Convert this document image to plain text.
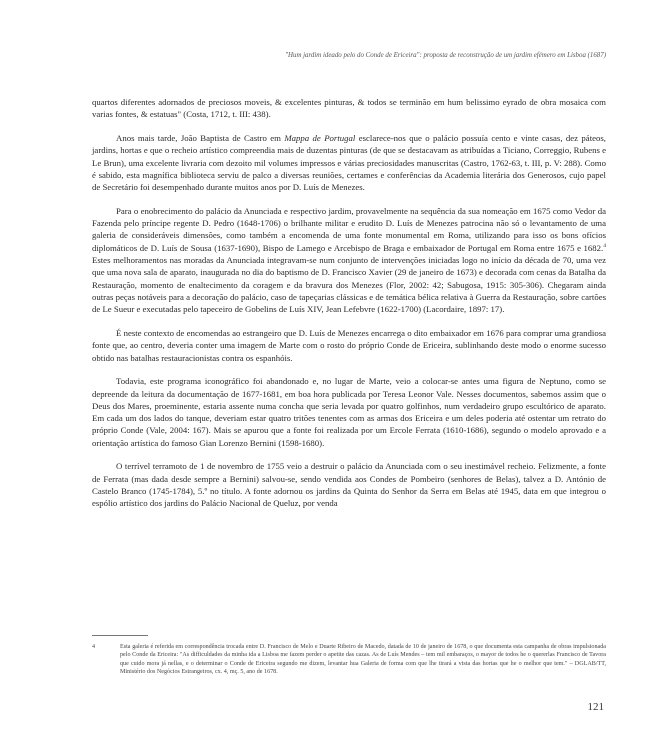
"Hum jardim ideado pelo do Conde de Ericeira": proposta de reconstrução de um jardim efémero em Lisboa (1687)

quartos diferentes adornados de preciosos moveis, & excelentes pinturas, & todos se terminão em hum belissimo eyrado de obra mosaica com varias fontes, & estatuas" (Costa, 1712, t. III: 438).

Anos mais tarde, João Baptista de Castro em Mappa de Portugal esclarece-nos que o palácio possuía cento e vinte casas, dez páteos, jardins, hortas e que o recheio artístico compreendia mais de duzentas pinturas (de que se destacavam as atribuídas a Ticiano, Correggio, Rubens e Le Brun), uma excelente livraria com dezoito mil volumes impressos e várias preciosidades manuscritas (Castro, 1762-63, t. III, p. V: 288). Como é sabido, esta magnífica biblioteca serviu de palco a diversas reuniões, certames e conferências da Academia literária dos Generosos, cujo papel de Secretário foi desempenhado durante muitos anos por D. Luís de Menezes.

Para o enobrecimento do palácio da Anunciada e respectivo jardim, provavelmente na sequência da sua nomeação em 1675 como Vedor da Fazenda pelo príncipe regente D. Pedro (1648-1706) o brilhante militar e erudito D. Luís de Menezes patrocina não só o levantamento de uma galeria de consideráveis dimensões, como também a encomenda de uma fonte monumental em Roma, utilizando para isso os bons ofícios diplomáticos de D. Luís de Sousa (1637-1690), Bispo de Lamego e Arcebispo de Braga e embaixador de Portugal em Roma entre 1675 e 1682.$^4$ Estes melhoramentos nas moradas da Anunciada integravam-se num conjunto de intervenções iniciadas logo no início da década de 70, uma vez que uma nova sala de aparato, inaugurada no dia do baptismo de D. Francisco Xavier (29 de janeiro de 1673) e decorada com cenas da Batalha da Restauração, momento de enaltecimento da coragem e da bravura dos Menezes (Flor, 2002: 42; Sabugosa, 1915: 305-306). Chegaram ainda outras peças notáveis para a decoração do palácio, caso de tapeçarias clássicas e de temática bélica relativa à Guerra da Restauração, sobre cartões de Le Sueur e executadas pelo tapeceiro de Gobelins de Luís XIV, Jean Lefebvre (1622-1700) (Lacordaire, 1897: 17).

É neste contexto de encomendas ao estrangeiro que D. Luís de Menezes encarrega o dito embaixador em 1676 para comprar uma grandiosa fonte que, ao centro, deveria conter uma imagem de Marte com o rosto do próprio Conde de Ericeira, sublinhando deste modo o enorme sucesso obtido nas batalhas restauracionistas contra os espanhóis.

Todavia, este programa iconográfico foi abandonado e, no lugar de Marte, veio a colocar-se antes uma figura de Neptuno, como se depreende da leitura da documentação de 1677-1681, em boa hora publicada por Teresa Leonor Vale. Nesses documentos, sabemos assim que o Deus dos Mares, proeminente, estaria assente numa concha que seria levada por quatro golfinhos, num verdadeiro grupo escultórico de aparato. Em cada um dos lados do tanque, deveriam estar quatro tritões tenentes com as armas dos Ericeira e um deles poderia até ostentar um retrato do próprio Conde (Vale, 2004: 167). Mais se apurou que a fonte foi realizada por um Ercole Ferrata (1610-1686), segundo o modelo aprovado e a orientação artística do famoso Gian Lorenzo Bernini (1598-1680).

O terrível terramoto de 1 de novembro de 1755 veio a destruir o palácio da Anunciada com o seu inestimável recheio. Felizmente, a fonte de Ferrata (mas dada desde sempre a Bernini) salvou-se, sendo vendida aos Condes de Pombeiro (senhores de Belas), talvez a D. António de Castelo Branco (1745-1784), 5.º no título. A fonte adornou os jardins da Quinta do Senhor da Serra em Belas até 1945, data em que integrou o espólio artístico dos jardins do Palácio Nacional de Queluz, por venda

4	Esta galeria é referida em correspondência trocada entre D. Francisco de Melo e Duarte Ribeiro de Macedo, datada de 10 de janeiro de 1678, o que documenta esta campanha de obras impulsionada pelo Conde da Ericeira: "As difficuldades da minha ida a Lisboa me fazem perder o apetite das cazas. As de Luís Mendes – tem mil embaraços, o mayor de todos he o quererlas Francisco de Tavora que cuido mora já nellas, e o determinar o Conde de Ericeira segundo me dizem, levantar hua Galeria de forma com que lhe tirará a vista das hortas que he o melhor que tem." – DGLAB/TT, Ministério dos Negócios Estrangeiros, cx. 4, mç. 5, ano de 1678.
121
